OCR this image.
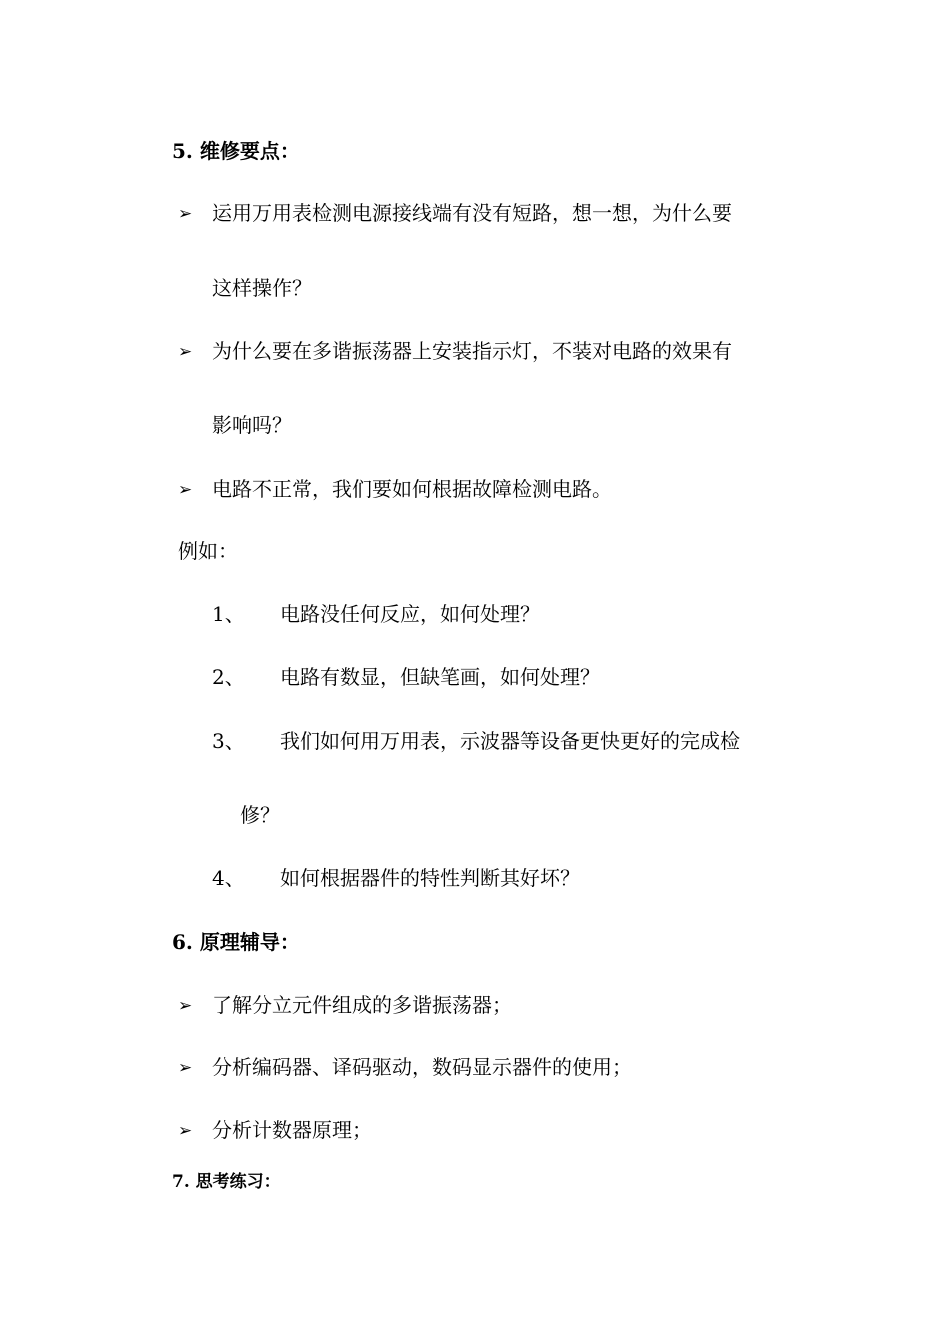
5. 维修要点：
➢ 运用万用表检测电源接线端有没有短路，想一想，为什么要
这样操作？
➢ 为什么要在多谐振荡器上安装指示灯，不装对电路的效果有
影响吗？
➢ 电路不正常，我们要如何根据故障检测电路。
例如：
1、 电路没任何反应，如何处理？
2、 电路有数显，但缺笔画，如何处理？
3、 我们如何用万用表，示波器等设备更快更好的完成检
修？
4、 如何根据器件的特性判断其好坏？
6. 原理辅导：
➢ 了解分立元件组成的多谐振荡器；
➢ 分析编码器、译码驱动，数码显示器件的使用；
➢ 分析计数器原理；
7. 思考练习：
